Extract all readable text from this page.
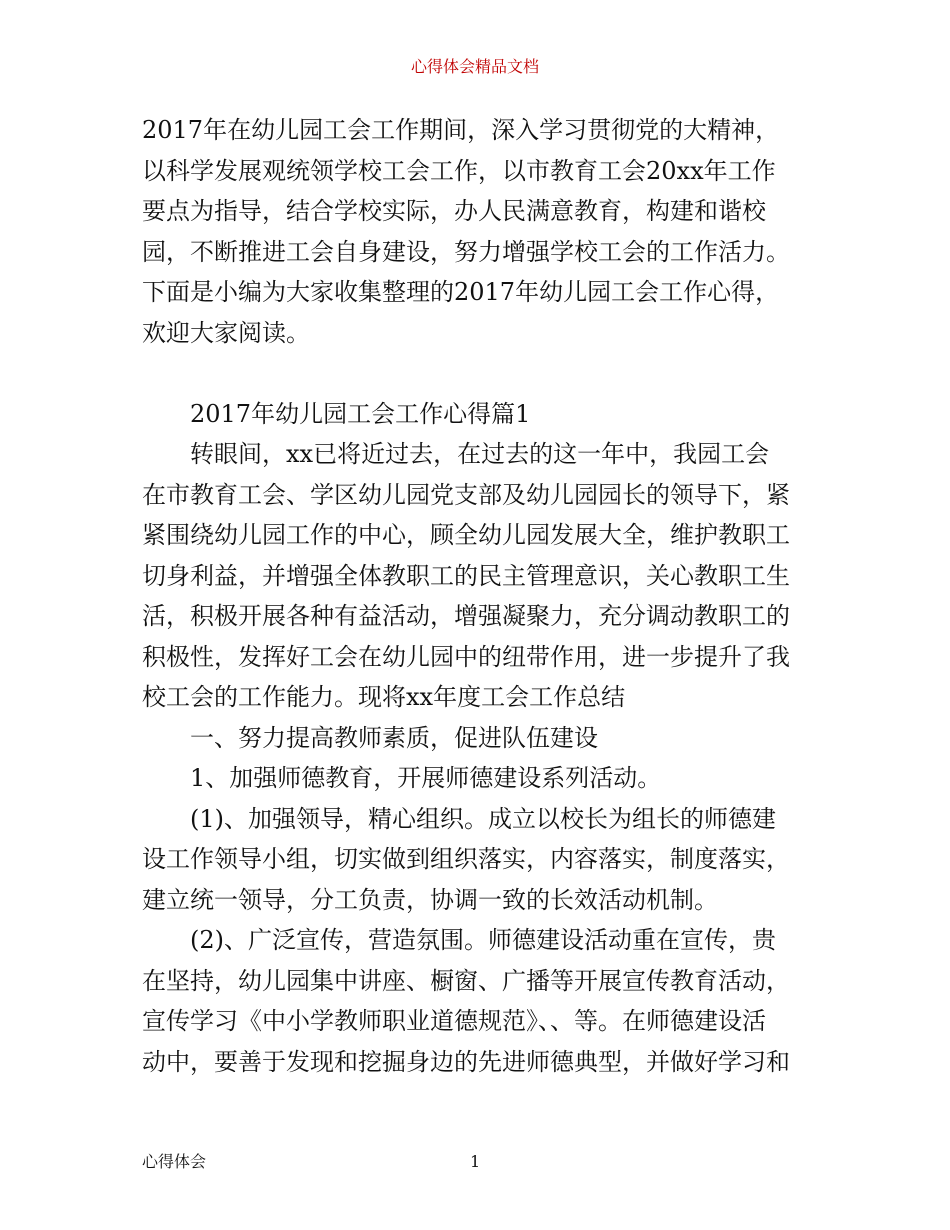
心得体会精品文档
2017年在幼儿园工会工作期间，深入学习贯彻党的大精神，
以科学发展观统领学校工会工作，以市教育工会20xx年工作
要点为指导，结合学校实际，办人民满意教育，构建和谐校
园，不断推进工会自身建设，努力增强学校工会的工作活力。
下面是小编为大家收集整理的2017年幼儿园工会工作心得，
欢迎大家阅读。
2017年幼儿园工会工作心得篇1
转眼间，xx已将近过去，在过去的这一年中，我园工会
在市教育工会、学区幼儿园党支部及幼儿园园长的领导下，紧
紧围绕幼儿园工作的中心，顾全幼儿园发展大全，维护教职工
切身利益，并增强全体教职工的民主管理意识，关心教职工生
活，积极开展各种有益活动，增强凝聚力，充分调动教职工的
积极性，发挥好工会在幼儿园中的纽带作用，进一步提升了我
校工会的工作能力。现将xx年度工会工作总结
一、努力提高教师素质，促进队伍建设
1、加强师德教育，开展师德建设系列活动。
(1)、加强领导，精心组织。成立以校长为组长的师德建
设工作领导小组，切实做到组织落实，内容落实，制度落实，
建立统一领导，分工负责，协调一致的长效活动机制。
(2)、广泛宣传，营造氛围。师德建设活动重在宣传，贵
在坚持，幼儿园集中讲座、橱窗、广播等开展宣传教育活动，
宣传学习《中小学教师职业道德规范》、、等。在师德建设活
动中，要善于发现和挖掘身边的先进师德典型，并做好学习和
心得体会	1
